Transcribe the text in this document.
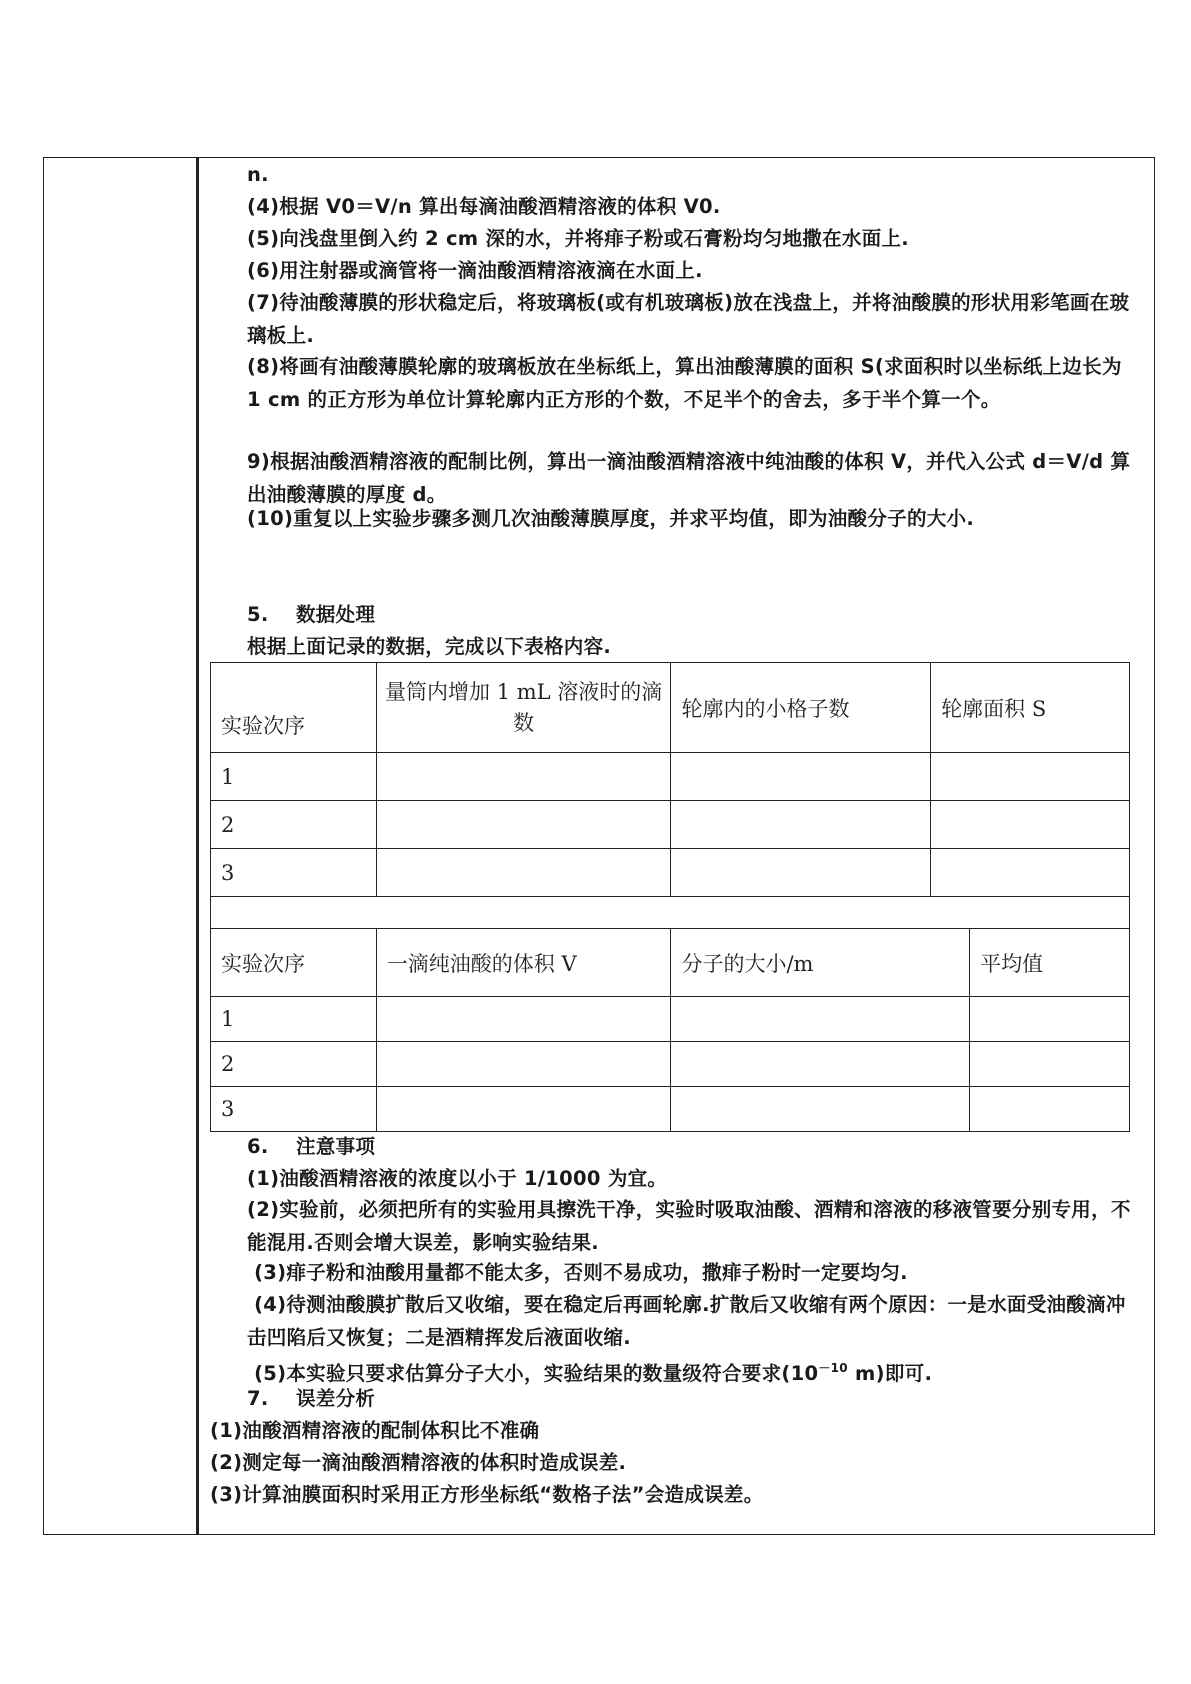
n.
(4)根据 V0＝V/n 算出每滴油酸酒精溶液的体积 V0.
(5)向浅盘里倒入约 2 cm 深的水，并将痱子粉或石膏粉均匀地撒在水面上.
(6)用注射器或滴管将一滴油酸酒精溶液滴在水面上.
(7)待油酸薄膜的形状稳定后，将玻璃板(或有机玻璃板)放在浅盘上，并将油酸膜的形状用彩笔画在玻璃板上.
(8)将画有油酸薄膜轮廓的玻璃板放在坐标纸上，算出油酸薄膜的面积 S(求面积时以坐标纸上边长为 1 cm 的正方形为单位计算轮廓内正方形的个数，不足半个的舍去，多于半个算一个。
9)根据油酸酒精溶液的配制比例，算出一滴油酸酒精溶液中纯油酸的体积 V，并代入公式 d＝V/d 算出油酸薄膜的厚度 d。
(10)重复以上实验步骤多测几次油酸薄膜厚度，并求平均值，即为油酸分子的大小.
5. 数据处理
根据上面记录的数据，完成以下表格内容.
实验次序	量筒内增加 1 mL 溶液时的滴数	轮廓内的小格子数	轮廓面积 S
1			
2			
3			
实验次序	一滴纯油酸的体积 V	分子的大小/m	平均值
1			
2			
3			
6. 注意事项
(1)油酸酒精溶液的浓度以小于 1/1000 为宜。
(2)实验前，必须把所有的实验用具擦洗干净，实验时吸取油酸、酒精和溶液的移液管要分别专用，不能混用.否则会增大误差，影响实验结果.
(3)痱子粉和油酸用量都不能太多，否则不易成功，撒痱子粉时一定要均匀.
(4)待测油酸膜扩散后又收缩，要在稳定后再画轮廓.扩散后又收缩有两个原因：一是水面受油酸滴冲击凹陷后又恢复；二是酒精挥发后液面收缩.
(5)本实验只要求估算分子大小，实验结果的数量级符合要求($10^{-10}$ m)即可.
7. 误差分析
(1)油酸酒精溶液的配制体积比不准确
(2)测定每一滴油酸酒精溶液的体积时造成误差.
(3)计算油膜面积时采用正方形坐标纸“数格子法”会造成误差。
